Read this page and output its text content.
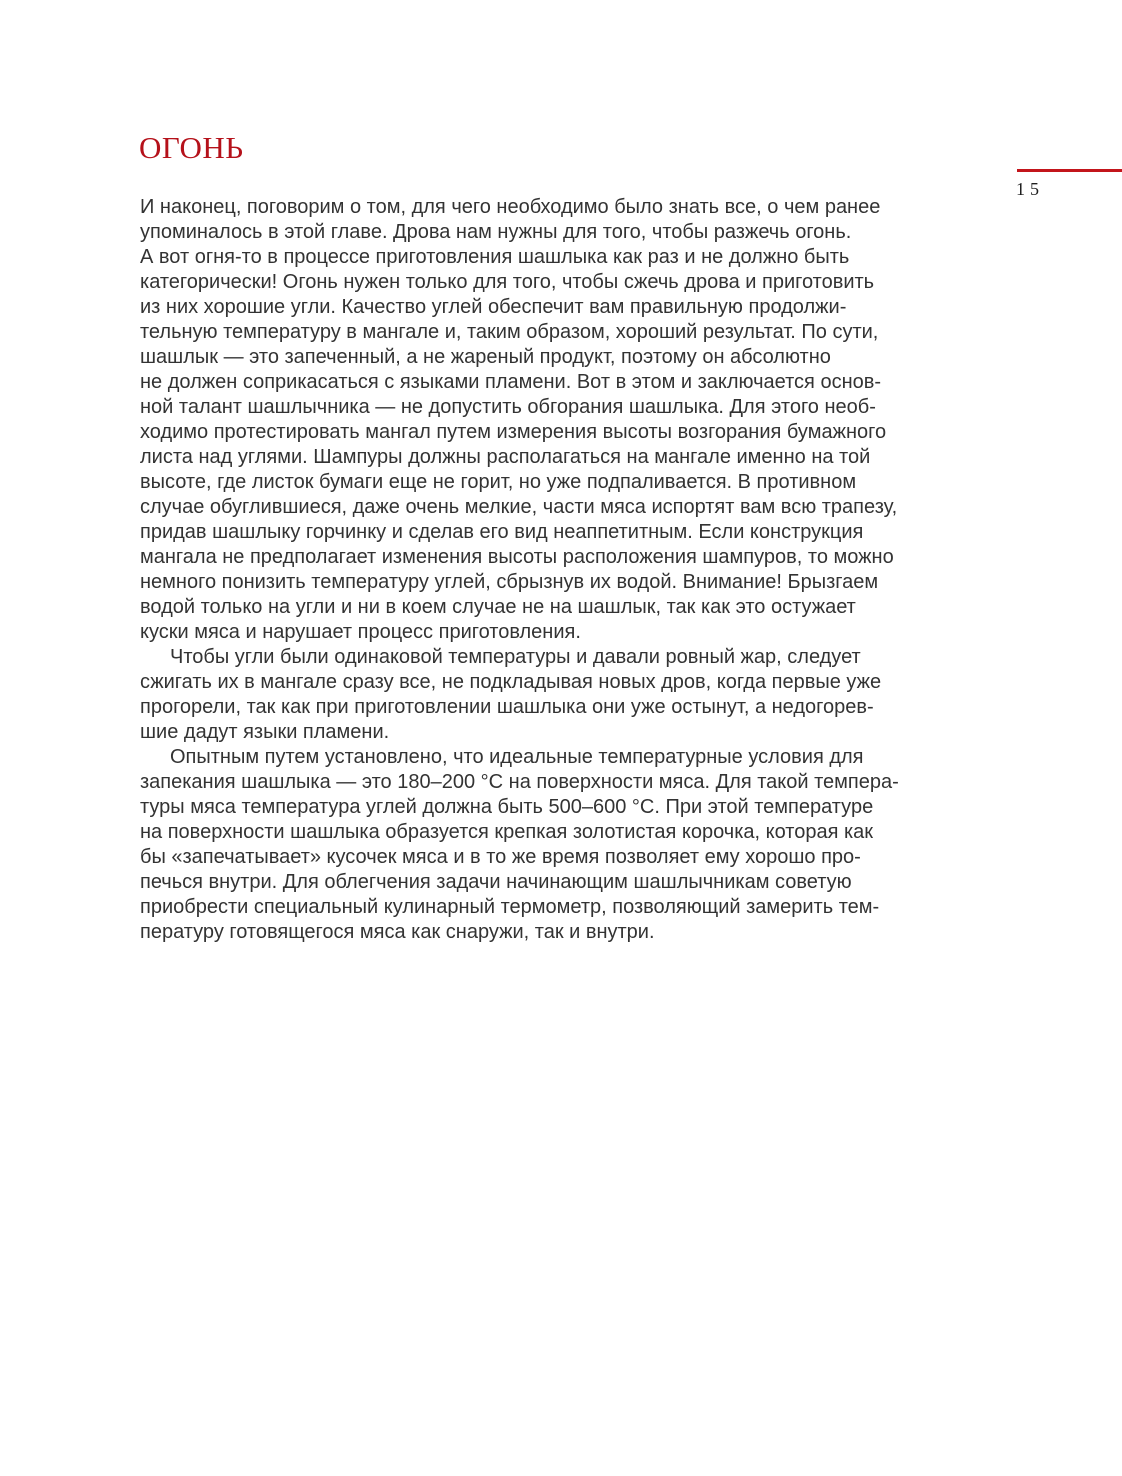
ОГОНЬ
15
И наконец, поговорим о том, для чего необходимо было знать все, о чем ранее
упоминалось в этой главе. Дрова нам нужны для того, чтобы разжечь огонь.
А вот огня-то в процессе приготовления шашлыка как раз и не должно быть
категорически! Огонь нужен только для того, чтобы сжечь дрова и приготовить
из них хорошие угли. Качество углей обеспечит вам правильную продолжи-
тельную температуру в мангале и, таким образом, хороший результат. По сути,
шашлык — это запеченный, а не жареный продукт, поэтому он абсолютно
не должен соприкасаться с языками пламени. Вот в этом и заключается основ-
ной талант шашлычника — не допустить обгорания шашлыка. Для этого необ-
ходимо протестировать мангал путем измерения высоты возгорания бумажного
листа над углями. Шампуры должны располагаться на мангале именно на той
высоте, где листок бумаги еще не горит, но уже подпаливается. В противном
случае обуглившиеся, даже очень мелкие, части мяса испортят вам всю трапезу,
придав шашлыку горчинку и сделав его вид неаппетитным. Если конструкция
мангала не предполагает изменения высоты расположения шампуров, то можно
немного понизить температуру углей, сбрызнув их водой. Внимание! Брызгаем
водой только на угли и ни в коем случае не на шашлык, так как это остужает
куски мяса и нарушает процесс приготовления.
Чтобы угли были одинаковой температуры и давали ровный жар, следует
сжигать их в мангале сразу все, не подкладывая новых дров, когда первые уже
прогорели, так как при приготовлении шашлыка они уже остынут, а недогорев-
шие дадут языки пламени.
Опытным путем установлено, что идеальные температурные условия для
запекания шашлыка — это 180–200 °С на поверхности мяса. Для такой темпера-
туры мяса температура углей должна быть 500–600 °С. При этой температуре
на поверхности шашлыка образуется крепкая золотистая корочка, которая как
бы «запечатывает» кусочек мяса и в то же время позволяет ему хорошо про-
печься внутри. Для облегчения задачи начинающим шашлычникам советую
приобрести специальный кулинарный термометр, позволяющий замерить тем-
пературу готовящегося мяса как снаружи, так и внутри.
